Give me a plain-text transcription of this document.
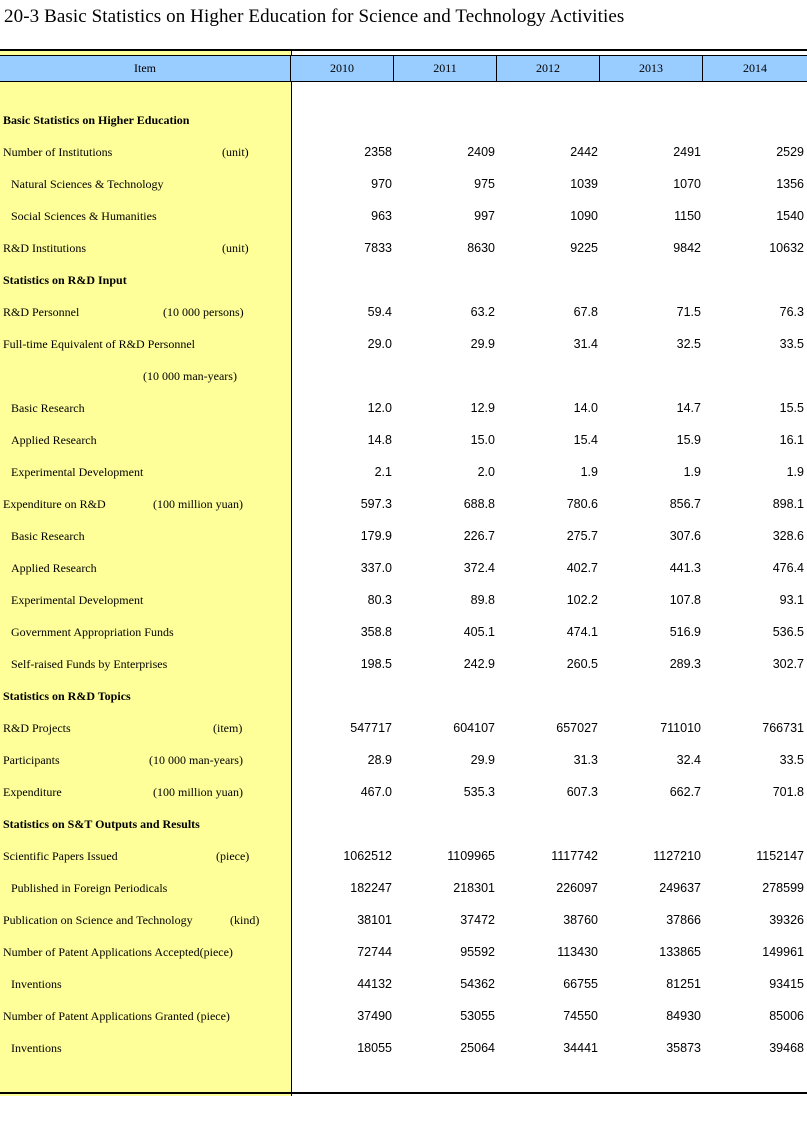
20-3 Basic Statistics on Higher Education for Science and Technology Activities
Item	2010	2011	2012	2013	2014
Basic Statistics on Higher Education
Number of Institutions	(unit)	2358	2409	2442	2491	2529
Natural Sciences & Technology	970	975	1039	1070	1356
Social Sciences & Humanities	963	997	1090	1150	1540
R&D Institutions	(unit)	7833	8630	9225	9842	10632
Statistics on R&D Input
R&D Personnel	(10 000 persons)	59.4	63.2	67.8	71.5	76.3
Full-time Equivalent of R&D Personnel	29.0	29.9	31.4	32.5	33.5
(10 000 man-years)
Basic Research	12.0	12.9	14.0	14.7	15.5
Applied Research	14.8	15.0	15.4	15.9	16.1
Experimental Development	2.1	2.0	1.9	1.9	1.9
Expenditure on R&D	(100 million yuan)	597.3	688.8	780.6	856.7	898.1
Basic Research	179.9	226.7	275.7	307.6	328.6
Applied Research	337.0	372.4	402.7	441.3	476.4
Experimental Development	80.3	89.8	102.2	107.8	93.1
Government Appropriation Funds	358.8	405.1	474.1	516.9	536.5
Self-raised Funds by Enterprises	198.5	242.9	260.5	289.3	302.7
Statistics on R&D Topics
R&D Projects	(item)	547717	604107	657027	711010	766731
Participants	(10 000 man-years)	28.9	29.9	31.3	32.4	33.5
Expenditure	(100 million yuan)	467.0	535.3	607.3	662.7	701.8
Statistics on S&T Outputs and Results
Scientific Papers Issued	(piece)	1062512	1109965	1117742	1127210	1152147
Published in Foreign Periodicals	182247	218301	226097	249637	278599
Publication on Science and Technology	(kind)	38101	37472	38760	37866	39326
Number of Patent Applications Accepted(piece)	72744	95592	113430	133865	149961
Inventions	44132	54362	66755	81251	93415
Number of Patent Applications Granted (piece)	37490	53055	74550	84930	85006
Inventions	18055	25064	34441	35873	39468
